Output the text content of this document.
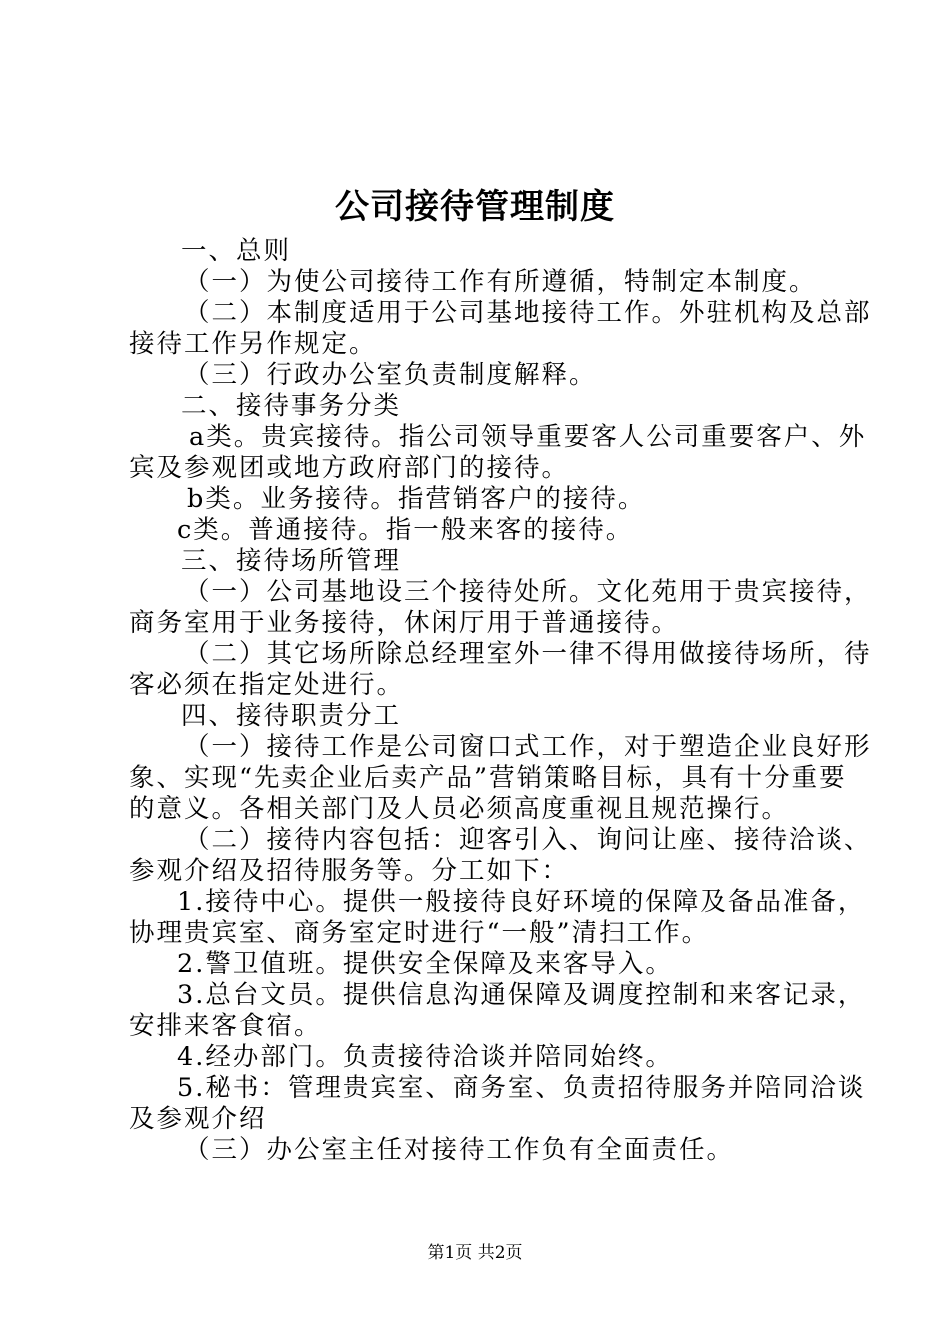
公司接待管理制度
一、总则
（一）为使公司接待工作有所遵循，特制定本制度。
（二）本制度适用于公司基地接待工作。外驻机构及总部
接待工作另作规定。
（三）行政办公室负责制度解释。
二、接待事务分类
a类。贵宾接待。指公司领导重要客人公司重要客户、外
宾及参观团或地方政府部门的接待。
b类。业务接待。指营销客户的接待。
c类。普通接待。指一般来客的接待。
三、接待场所管理
（一）公司基地设三个接待处所。文化苑用于贵宾接待，
商务室用于业务接待，休闲厅用于普通接待。
（二）其它场所除总经理室外一律不得用做接待场所，待
客必须在指定处进行。
四、接待职责分工
（一）接待工作是公司窗口式工作，对于塑造企业良好形
象、实现“先卖企业后卖产品”营销策略目标，具有十分重要
的意义。各相关部门及人员必须高度重视且规范操行。
（二）接待内容包括：迎客引入、询问让座、接待洽谈、
参观介绍及招待服务等。分工如下：
1.接待中心。提供一般接待良好环境的保障及备品准备，
协理贵宾室、商务室定时进行“一般”清扫工作。
2.警卫值班。提供安全保障及来客导入。
3.总台文员。提供信息沟通保障及调度控制和来客记录，
安排来客食宿。
4.经办部门。负责接待洽谈并陪同始终。
5.秘书：管理贵宾室、商务室、负责招待服务并陪同洽谈
及参观介绍
（三）办公室主任对接待工作负有全面责任。
第1页 共2页
